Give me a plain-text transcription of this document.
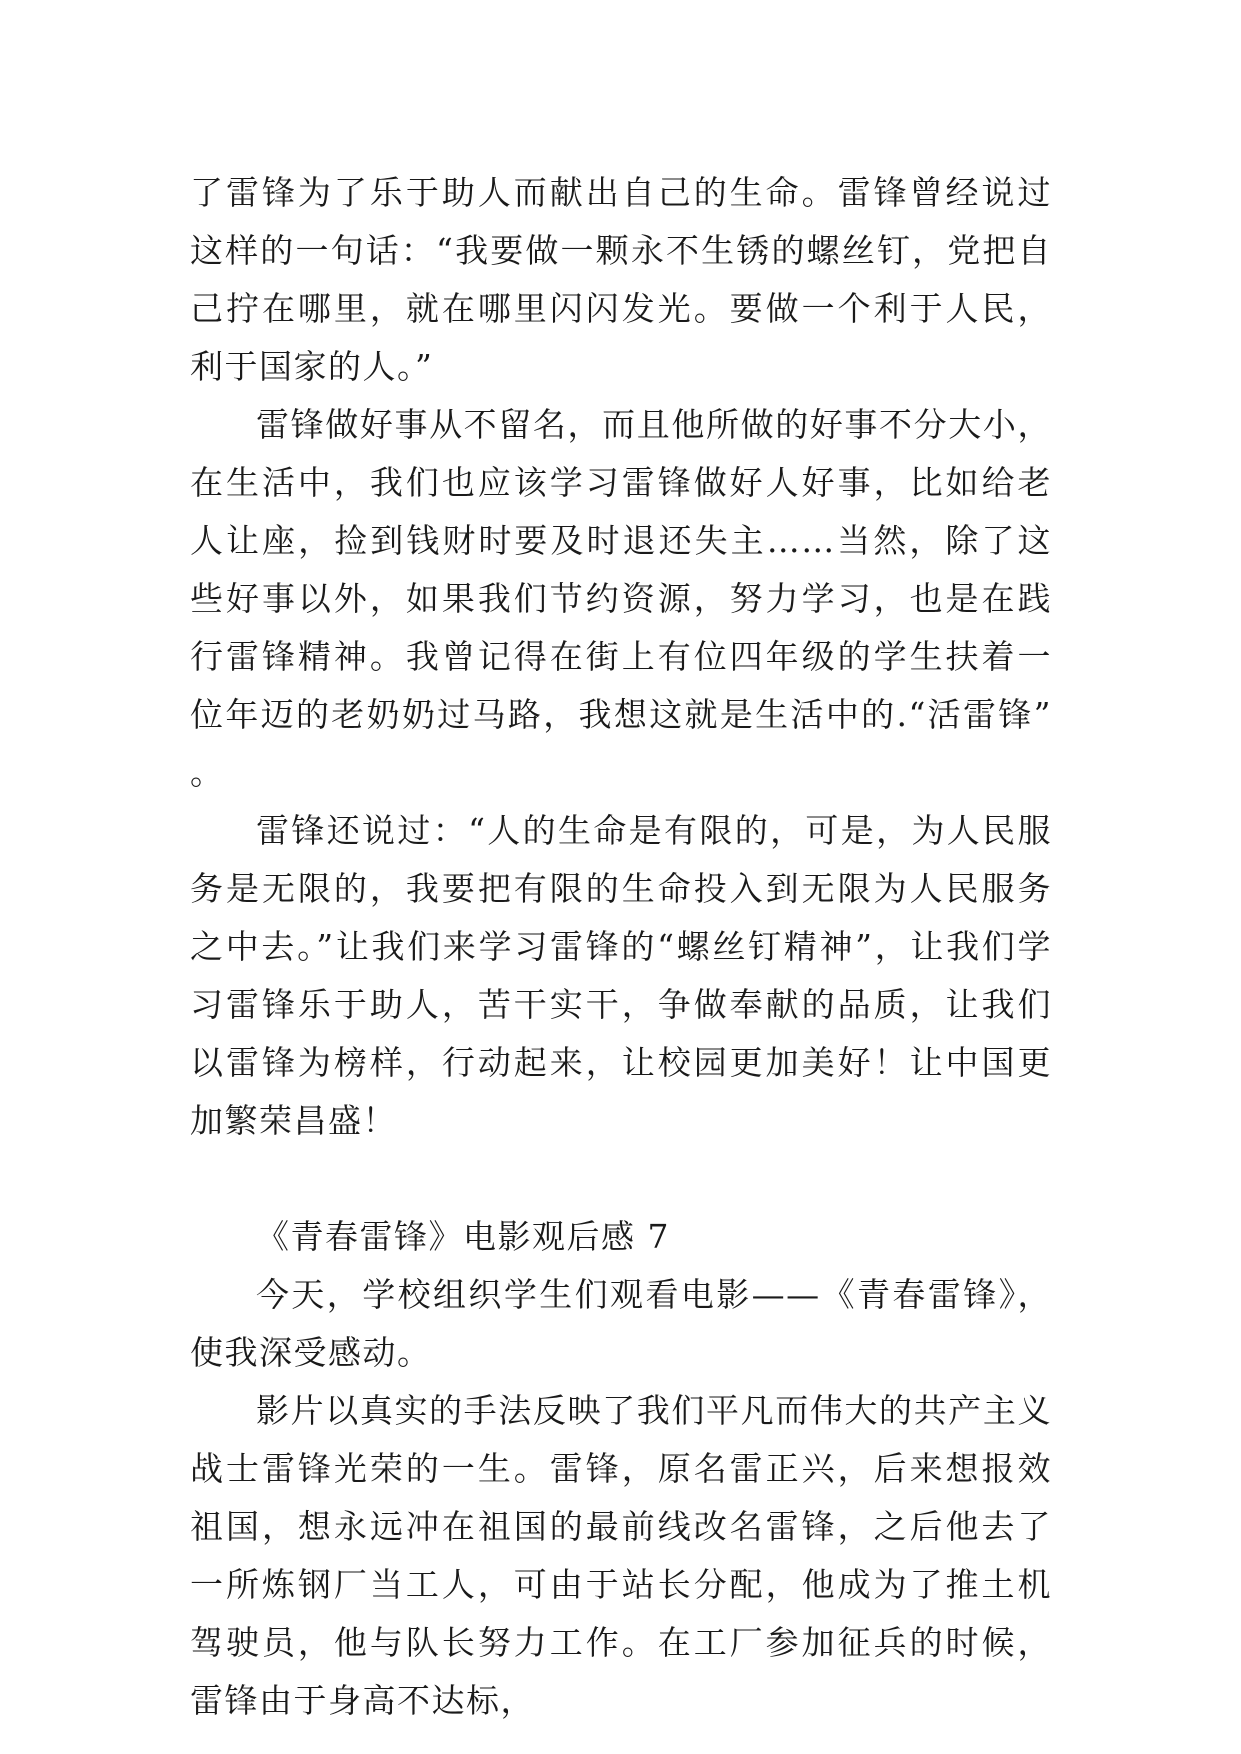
了雷锋为了乐于助人而献出自己的生命。雷锋曾经说过这样的一句话：“我要做一颗永不生锈的螺丝钉，党把自己拧在哪里，就在哪里闪闪发光。要做一个利于人民，利于国家的人。”

雷锋做好事从不留名，而且他所做的好事不分大小，在生活中，我们也应该学习雷锋做好人好事，比如给老人让座，捡到钱财时要及时退还失主……当然，除了这些好事以外，如果我们节约资源，努力学习，也是在践行雷锋精神。我曾记得在街上有位四年级的学生扶着一位年迈的老奶奶过马路，我想这就是生活中的.“活雷锋”。

雷锋还说过：“人的生命是有限的，可是，为人民服务是无限的，我要把有限的生命投入到无限为人民服务之中去。”让我们来学习雷锋的“螺丝钉精神”，让我们学习雷锋乐于助人，苦干实干，争做奉献的品质，让我们以雷锋为榜样，行动起来，让校园更加美好！让中国更加繁荣昌盛！

《青春雷锋》电影观后感 7

今天，学校组织学生们观看电影——《青春雷锋》，使我深受感动。

影片以真实的手法反映了我们平凡而伟大的共产主义战士雷锋光荣的一生。雷锋，原名雷正兴，后来想报效祖国，想永远冲在祖国的最前线改名雷锋，之后他去了一所炼钢厂当工人，可由于站长分配，他成为了推土机驾驶员，他与队长努力工作。在工厂参加征兵的时候，雷锋由于身高不达标，
